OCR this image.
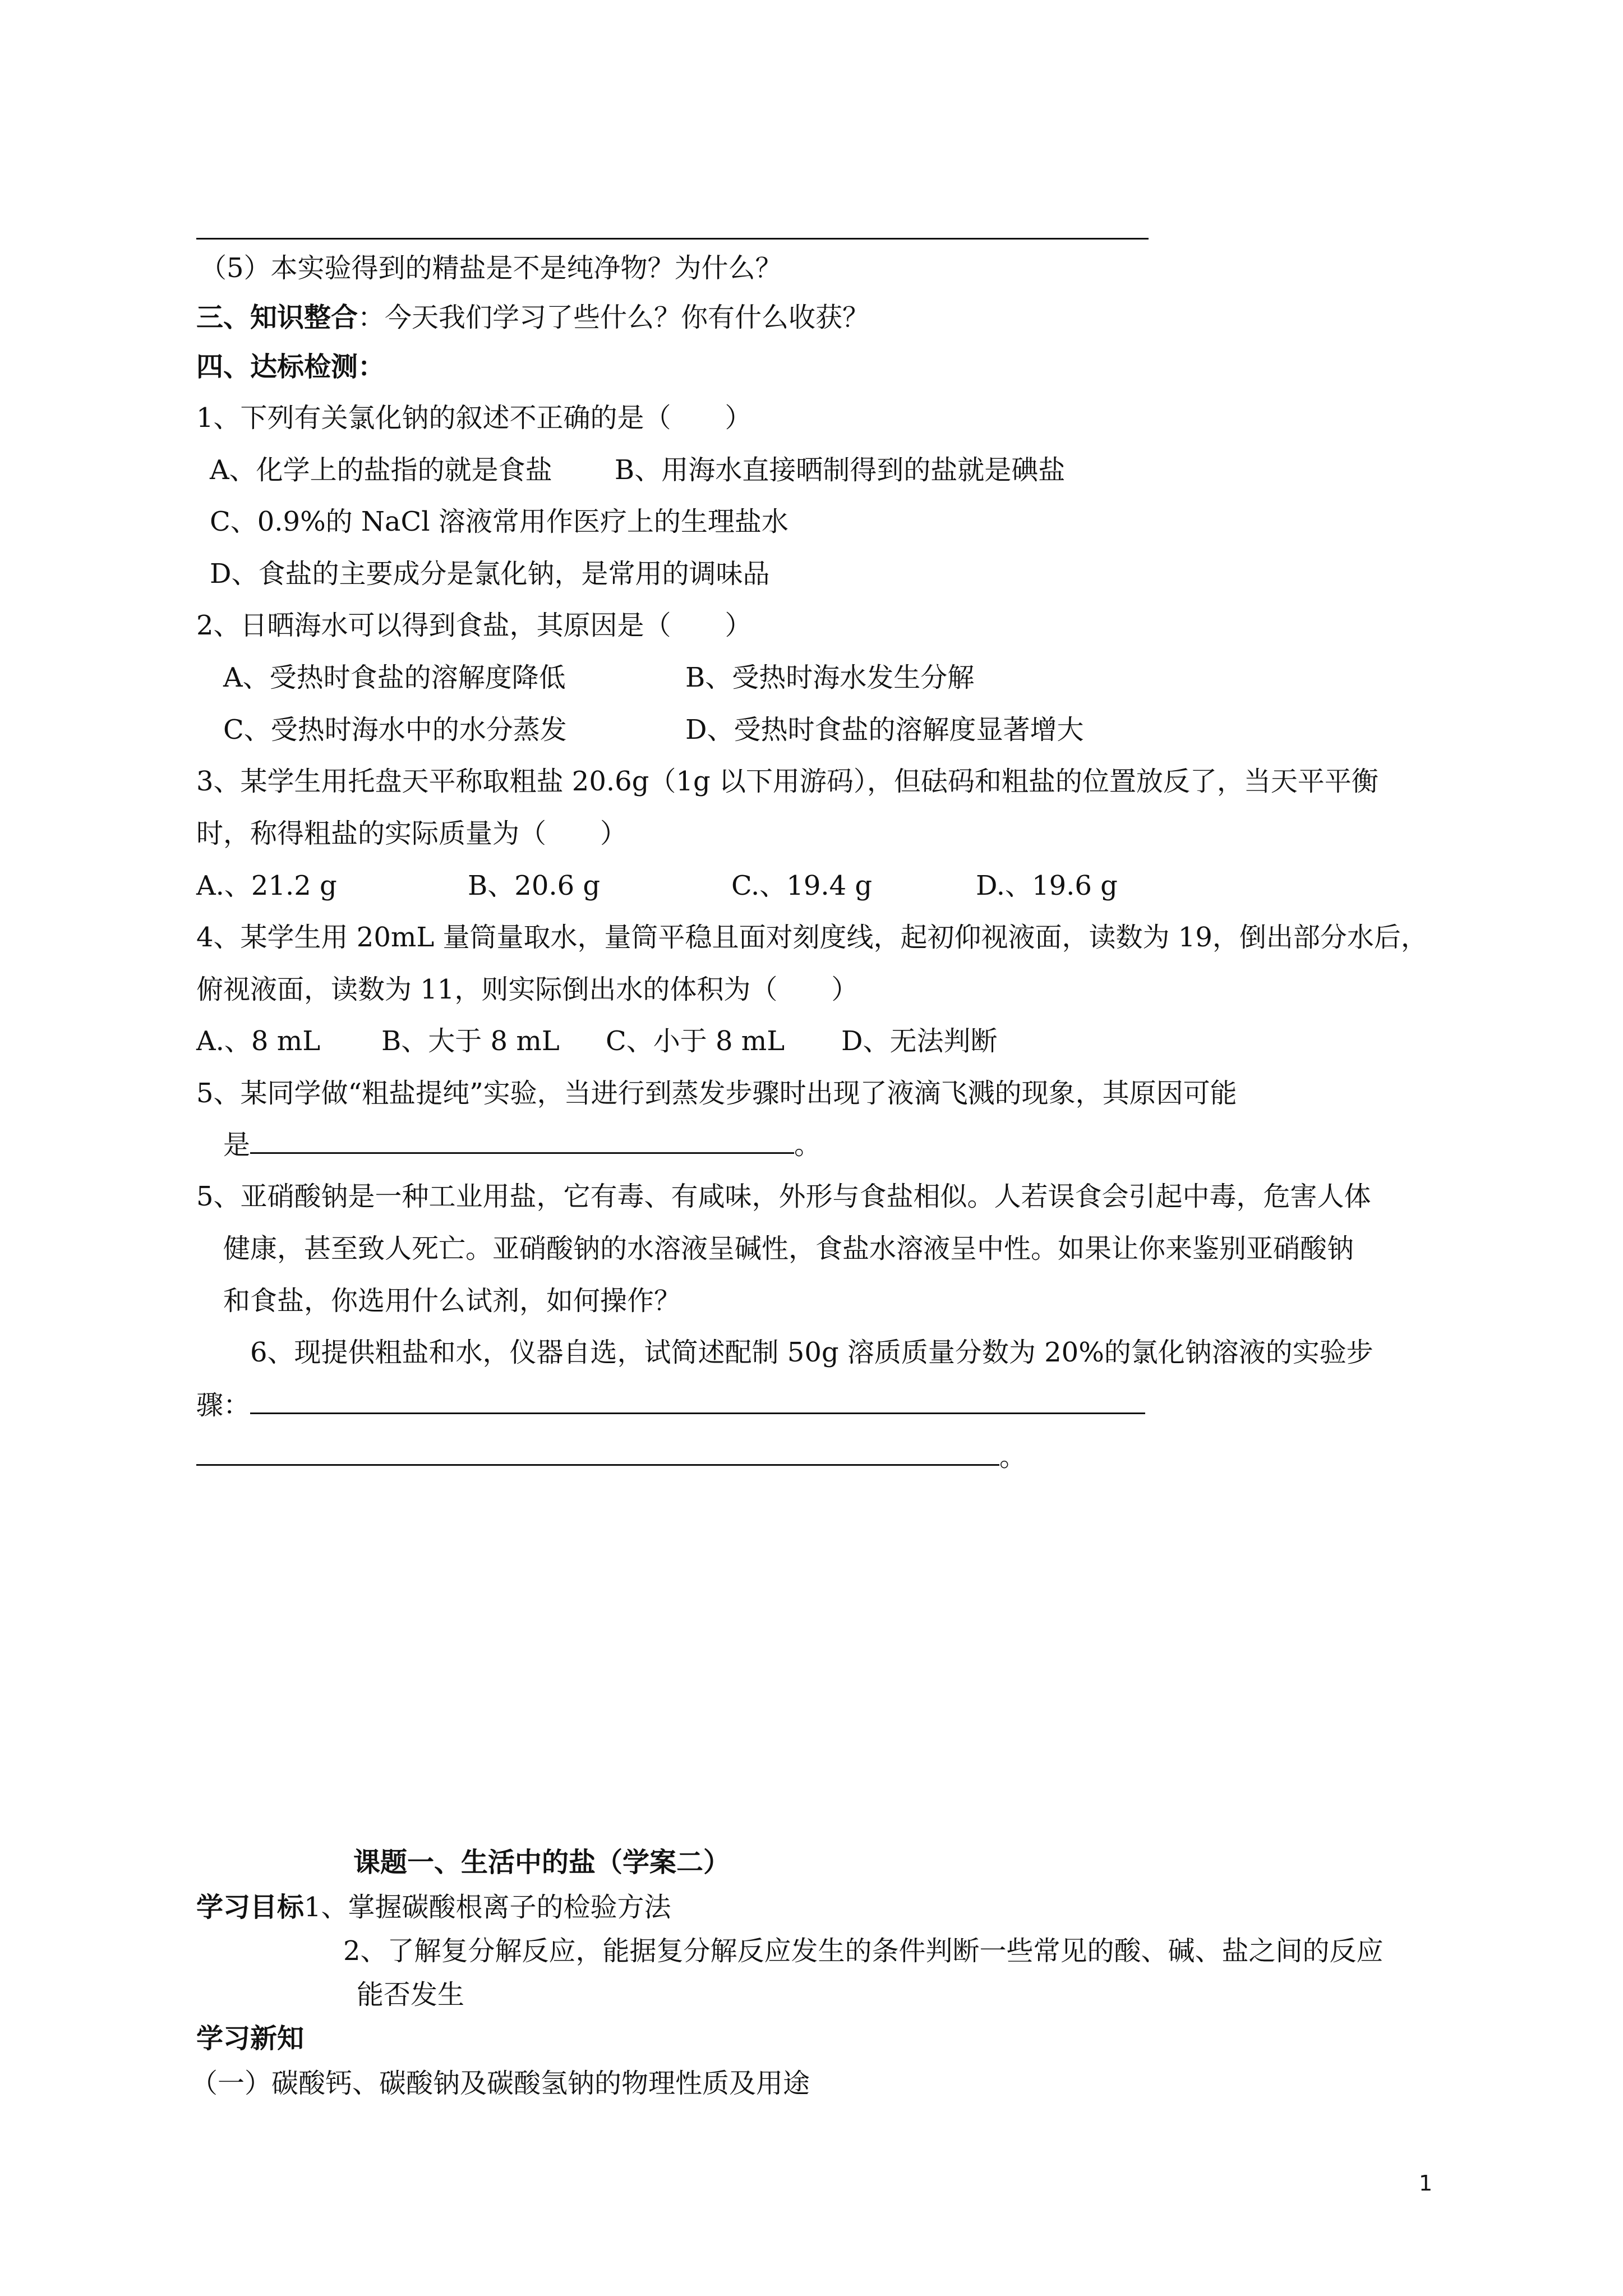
（5）本实验得到的精盐是不是纯净物？为什么？
三、知识整合：今天我们学习了些什么？你有什么收获？
四、达标检测：
1、下列有关氯化钠的叙述不正确的是（　　）
A、化学上的盐指的就是食盐　　 B、用海水直接晒制得到的盐就是碘盐
C、0.9%的 NaCl 溶液常用作医疗上的生理盐水
D、食盐的主要成分是氯化钠，是常用的调味品
2、日晒海水可以得到食盐，其原因是（　　）
A、受热时食盐的溶解度降低	B、受热时海水发生分解
C、受热时海水中的水分蒸发	D、受热时食盐的溶解度显著增大
3、某学生用托盘天平称取粗盐 20.6g（1g 以下用游码），但砝码和粗盐的位置放反了，当天平平衡
时，称得粗盐的实际质量为（　　）
A.、21.2 g	B、20.6 g	C.、19.4 g	D.、19.6 g
4、某学生用 20mL 量筒量取水，量筒平稳且面对刻度线，起初仰视液面，读数为 19，倒出部分水后，
俯视液面，读数为 11，则实际倒出水的体积为（　　）
A.、8 mL B、大于 8 mL C、小于 8 mL D、无法判断
5、某同学做“粗盐提纯”实验，当进行到蒸发步骤时出现了液滴飞溅的现象，其原因可能
是	。
5、亚硝酸钠是一种工业用盐，它有毒、有咸味，外形与食盐相似。人若误食会引起中毒，危害人体
健康，甚至致人死亡。亚硝酸钠的水溶液呈碱性，食盐水溶液呈中性。如果让你来鉴别亚硝酸钠
和食盐，你选用什么试剂，如何操作？
6、现提供粗盐和水，仪器自选，试简述配制 50g 溶质质量分数为 20%的氯化钠溶液的实验步
骤：
。
课题一、生活中的盐（学案二）
学习目标1、掌握碳酸根离子的检验方法
2、了解复分解反应，能据复分解反应发生的条件判断一些常见的酸、碱、盐之间的反应
能否发生
学习新知
（一）碳酸钙、碳酸钠及碳酸氢钠的物理性质及用途
1
